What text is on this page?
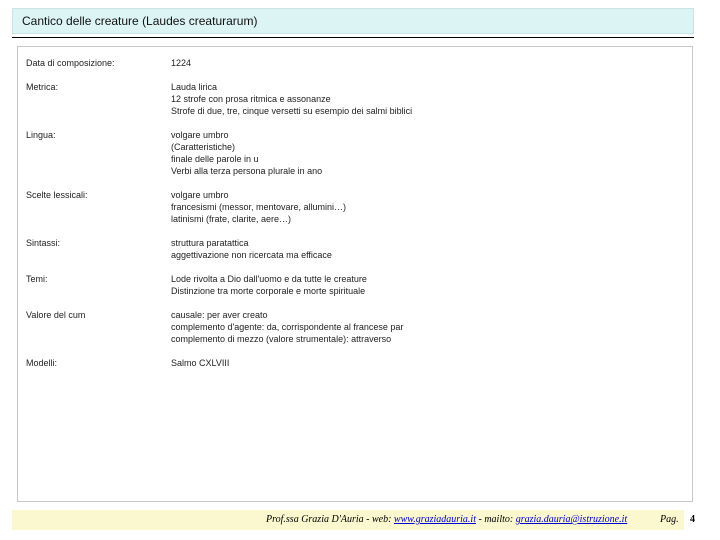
Cantico delle creature (Laudes creaturarum)
Data di composizione:	1224
Metrica:	Lauda lirica
12 strofe con prosa ritmica e assonanze
Strofe di due, tre, cinque versetti su esempio dei salmi biblici
Lingua:	volgare umbro
(Caratteristiche)
finale delle parole in u
Verbi alla terza persona plurale in ano
Scelte lessicali:	volgare umbro
francesismi (messor, mentovare, allumini…)
latinismi (frate, clarite, aere…)
Sintassi:	struttura paratattica
aggettivazione non ricercata ma efficace
Temi:	Lode rivolta a Dio dall'uomo e da tutte le creature
Distinzione tra morte corporale e morte spirituale
Valore del cum	causale: per aver creato
complemento d'agente: da, corrispondente al francese par
complemento di mezzo (valore strumentale): attraverso
Modelli:	Salmo CXLVIII
Prof.ssa Grazia D'Auria - web: www.graziadauria.it - mailto: grazia.dauria@istruzione.it	Pag. 4
